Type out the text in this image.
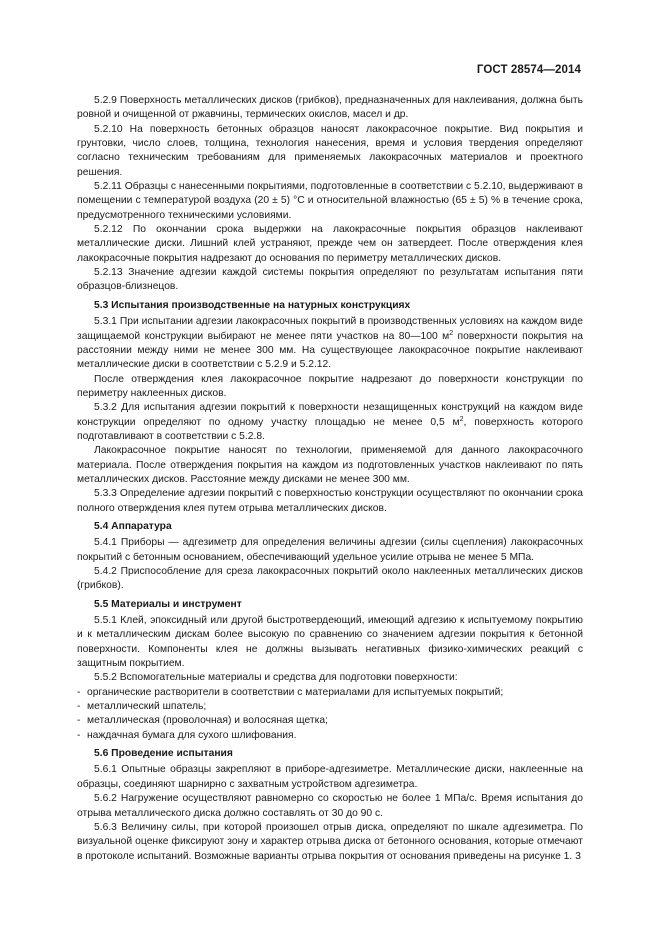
ГОСТ 28574—2014

5.2.9 Поверхность металлических дисков (грибков), предназначенных для наклеивания, должна быть ровной и очищенной от ржавчины, термических окислов, масел и др.

5.2.10 На поверхность бетонных образцов наносят лакокрасочное покрытие. Вид покрытия и грунтовки, число слоев, толщина, технология нанесения, время и условия твердения определяют согласно техническим требованиям для применяемых лакокрасочных материалов и проектного решения.

5.2.11 Образцы с нанесенными покрытиями, подготовленные в соответствии с 5.2.10, выдерживают в помещении с температурой воздуха (20 ± 5) °С и относительной влажностью (65 ± 5) % в течение срока, предусмотренного техническими условиями.

5.2.12 По окончании срока выдержки на лакокрасочные покрытия образцов наклеивают металлические диски. Лишний клей устраняют, прежде чем он затвердеет. После отверждения клея лакокрасочные покрытия надрезают до основания по периметру металлических дисков.

5.2.13 Значение адгезии каждой системы покрытия определяют по результатам испытания пяти образцов-близнецов.

5.3 Испытания производственные на натурных конструкциях

5.3.1 При испытании адгезии лакокрасочных покрытий в производственных условиях на каждом виде защищаемой конструкции выбирают не менее пяти участков на 80—100 $м^2$ поверхности покрытия на расстоянии между ними не менее 300 мм. На существующее лакокрасочное покрытие наклеивают металлические диски в соответствии с 5.2.9 и 5.2.12.

После отверждения клея лакокрасочное покрытие надрезают до поверхности конструкции по периметру наклеенных дисков.

5.3.2 Для испытания адгезии покрытий к поверхности незащищенных конструкций на каждом виде конструкции определяют по одному участку площадью не менее 0,5 $м^2$, поверхность которого подготавливают в соответствии с 5.2.8.

Лакокрасочное покрытие наносят по технологии, применяемой для данного лакокрасочного материала. После отверждения покрытия на каждом из подготовленных участков наклеивают по пять металлических дисков. Расстояние между дисками не менее 300 мм.

5.3.3 Определение адгезии покрытий с поверхностью конструкции осуществляют по окончании срока полного отверждения клея путем отрыва металлических дисков.

5.4 Аппаратура

5.4.1 Приборы — адгезиметр для определения величины адгезии (силы сцепления) лакокрасочных покрытий с бетонным основанием, обеспечивающий удельное усилие отрыва не менее 5 МПа.

5.4.2 Приспособление для среза лакокрасочных покрытий около наклеенных металлических дисков (грибков).

5.5 Материалы и инструмент

5.5.1 Клей, эпоксидный или другой быстротвердеющий, имеющий адгезию к испытуемому покрытию и к металлическим дискам более высокую по сравнению со значением адгезии покрытия к бетонной поверхности. Компоненты клея не должны вызывать негативных физико-химических реакций с защитным покрытием.

5.5.2 Вспомогательные материалы и средства для подготовки поверхности:

- органические растворители в соответствии с материалами для испытуемых покрытий;

- металлический шпатель;

- металлическая (проволочная) и волосяная щетка;

- наждачная бумага для сухого шлифования.

5.6 Проведение испытания

5.6.1 Опытные образцы закрепляют в приборе-адгезиметре. Металлические диски, наклеенные на образцы, соединяют шарнирно с захватным устройством адгезиметра.

5.6.2 Нагружение осуществляют равномерно со скоростью не более 1 МПа/с. Время испытания до отрыва металлического диска должно составлять от 30 до 90 с.

5.6.3 Величину силы, при которой произошел отрыв диска, определяют по шкале адгезиметра. По визуальной оценке фиксируют зону и характер отрыва диска от бетонного основания, которые отмечают в протоколе испытаний. Возможные варианты отрыва покрытия от основания приведены на рисунке 1. 3
